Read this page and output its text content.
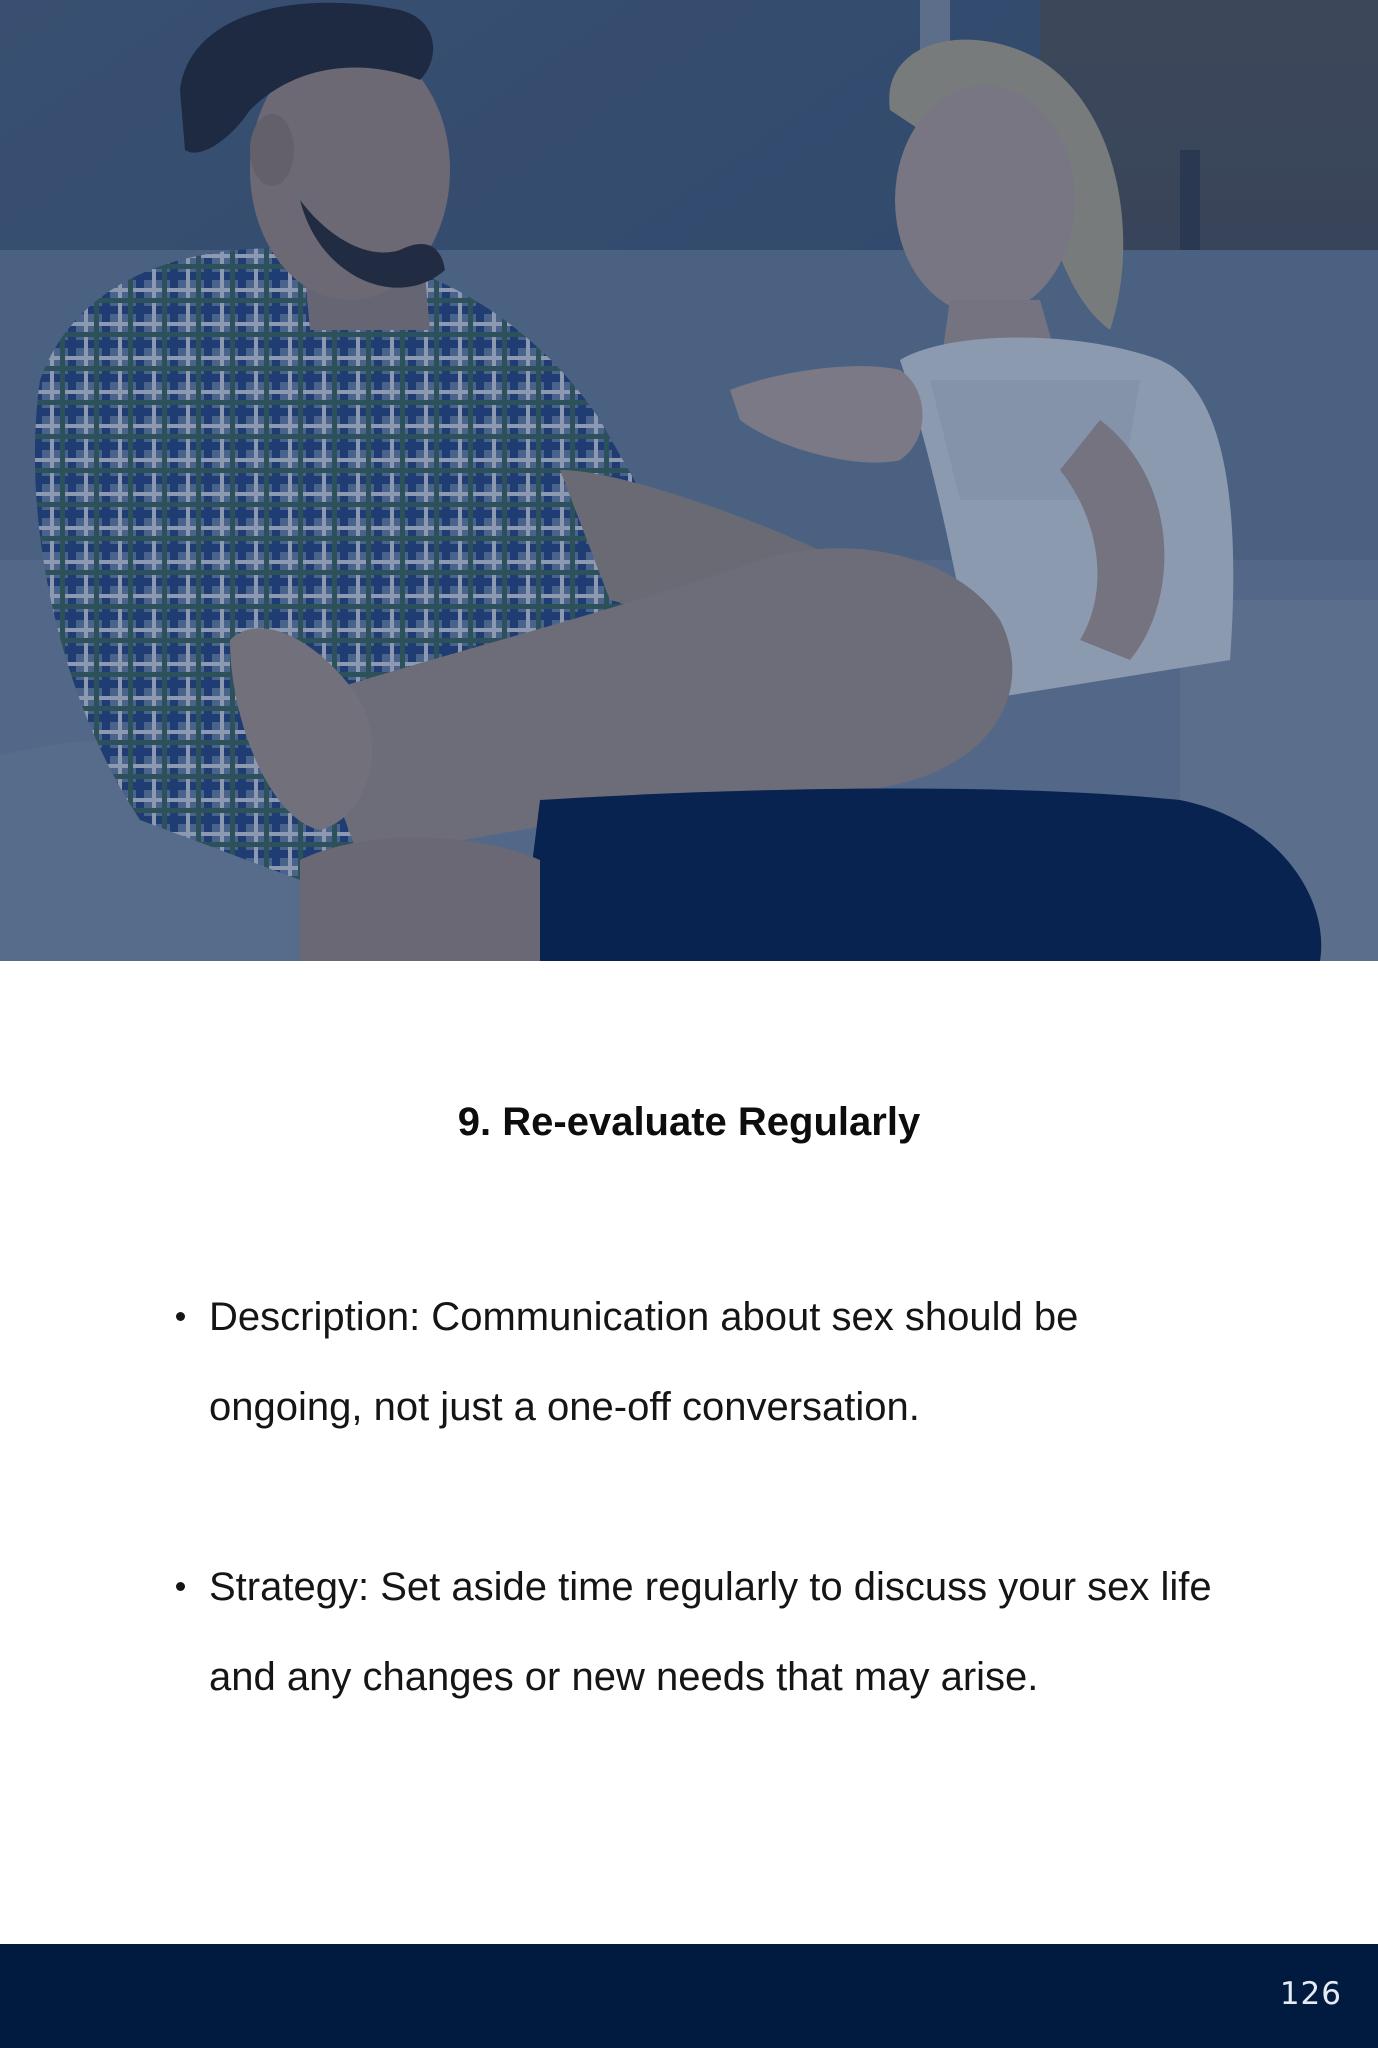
9. Re-evaluate Regularly
Description: Communication about sex should be ongoing, not just a one-off conversation.
Strategy: Set aside time regularly to discuss your sex life and any changes or new needs that may arise.
126
